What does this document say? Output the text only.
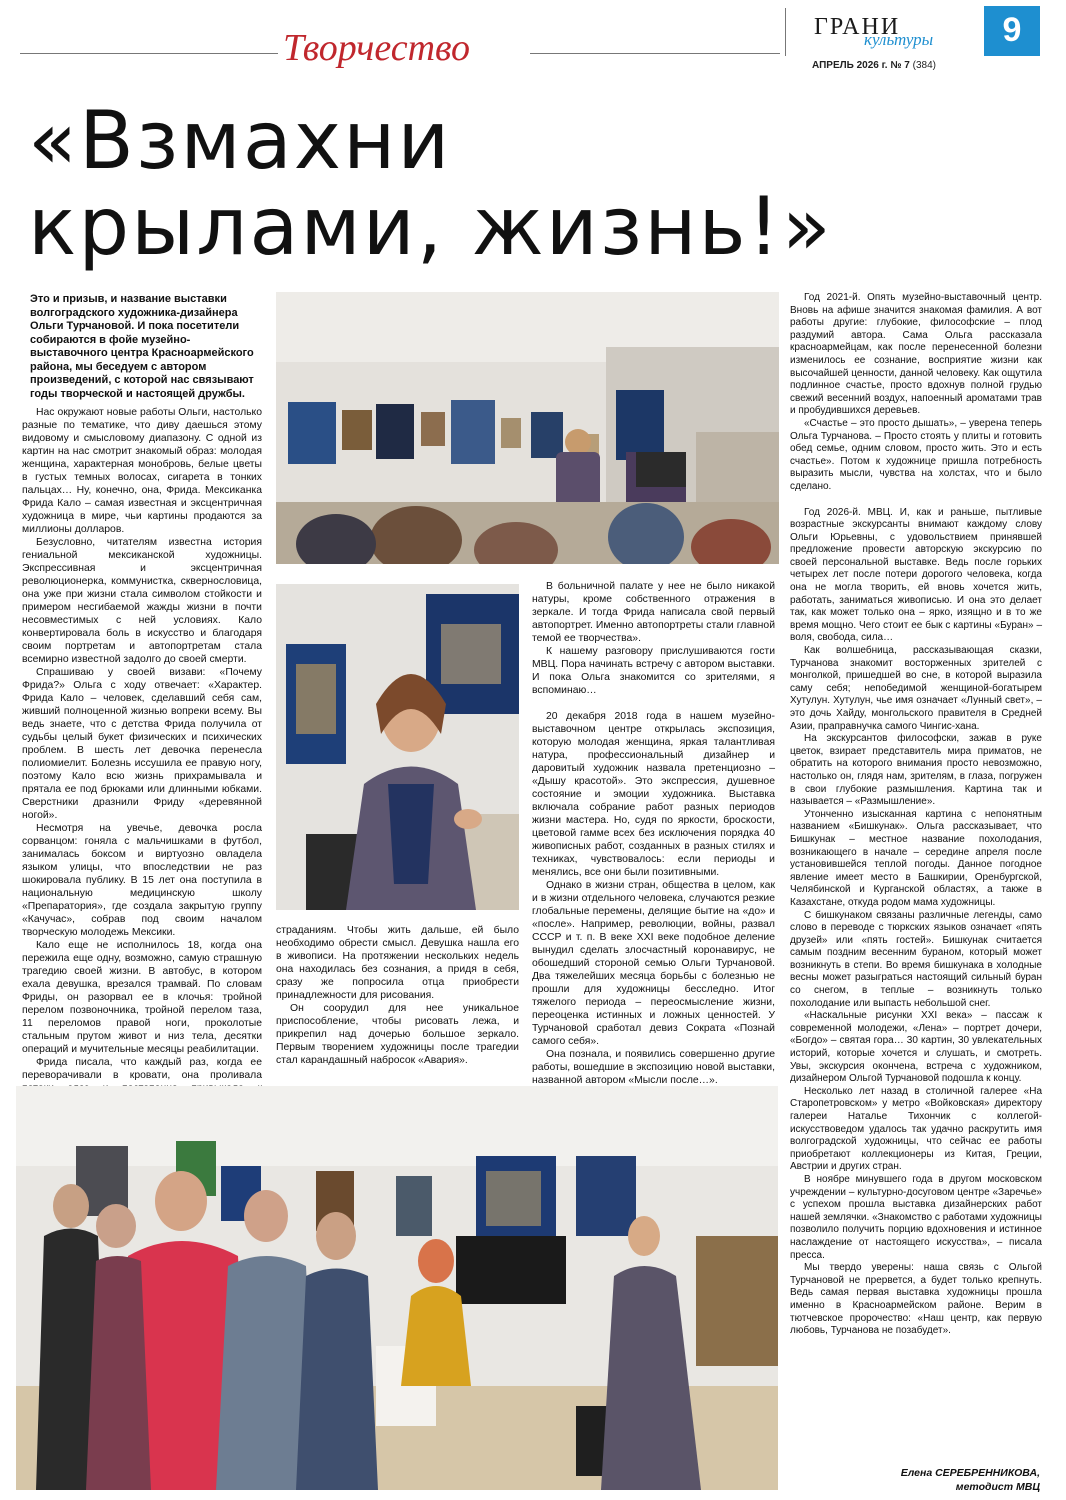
Творчество	ГРАНИ
культуры	9
АПРЕЛЬ 2026 г. № 7 (384)
«Взмахни
крылами, жизнь!»
Это и призыв, и название выставки волгоградского художника-дизайнера Ольги Турчановой. И пока посетители собираются в фойе музейно-выставочного центра Красноармейского района, мы беседуем с автором произведений, с которой нас связывают годы творческой и настоящей дружбы.

Нас окружают новые работы Ольги, настолько разные по тематике, что диву даешься этому видовому и смысловому диапазону. С одной из картин на нас смотрит знакомый образ: молодая женщина, характерная монобровь, белые цветы в густых темных волосах, сигарета в тонких пальцах… Ну, конечно, она, Фрида. Мексиканка Фрида Кало – самая известная и эксцентричная художница в мире, чьи картины продаются за миллионы долларов.

Безусловно, читателям известна история гениальной мексиканской художницы. Экспрессивная и эксцентричная революционерка, коммунистка, сквернословица, она уже при жизни стала символом стойкости и примером несгибаемой жажды жизни в почти несовместимых с ней условиях. Кало конвертировала боль в искусство и благодаря своим портретам и автопортретам стала всемирно известной задолго до своей смерти.

Спрашиваю у своей визави: «Почему Фрида?» Ольга с ходу отвечает: «Характер. Фрида Кало – человек, сделавший себя сам, живший полноценной жизнью вопреки всему. Вы ведь знаете, что с детства Фрида получила от судьбы целый букет физических и психических проблем. В шесть лет девочка перенесла полиомиелит. Болезнь иссушила ее правую ногу, поэтому Кало всю жизнь прихрамывала и прятала ее под брюками или длинными юбками. Сверстники дразнили Фриду «деревянной ногой».

Несмотря на увечье, девочка росла сорванцом: гоняла с мальчишками в футбол, занималась боксом и виртуозно овладела языком улицы, что впоследствии не раз шокировала публику. В 15 лет она поступила в национальную медицинскую школу «Препаратория», где создала закрытую группу «Качучас», собрав под своим началом творческую молодежь Мексики.

Кало еще не исполнилось 18, когда она пережила еще одну, возможно, самую страшную трагедию своей жизни. В автобус, в котором ехала девушка, врезался трамвай. По словам Фриды, он разорвал ее в клочья: тройной перелом позвоночника, тройной перелом таза, 11 переломов правой ноги, проколотые стальным прутом живот и низ тела, десятки операций и мучительные месяцы реабилитации.

Фрида писала, что каждый раз, когда ее переворачивали в кровати, она проливала

страданиям. Чтобы жить дальше, ей было необходимо обрести смысл. Девушка нашла его в живописи. На протяжении нескольких недель она находилась без сознания, а придя в себя, сразу же попросила отца приобрести принадлежности для рисования.

Он соорудил для нее уникальное приспособление, чтобы рисовать лежа, и прикрепил над дочерью большое зеркало. Первым творением художницы после трагедии стал карандашный набросок «Авария».

В больничной палате у нее не было никакой натуры, кроме собственного отражения в зеркале. И тогда Фрида написала свой первый автопортрет. Именно автопортреты стали главной темой ее творчества».

К нашему разговору прислушиваются гости МВЦ. Пора начинать встречу с автором выставки. И пока Ольга знакомится со зрителями, я вспоминаю…

20 декабря 2018 года в нашем музейно-выставочном центре открылась экспозиция, которую молодая женщина, яркая талантливая натура, профессиональный дизайнер и даровитый художник назвала претенциозно – «Дышу красотой». Это экспрессия, душевное состояние и эмоции художника. Выставка включала собрание работ разных периодов жизни мастера. Но, судя по яркости, броскости, цветовой гамме всех без исключения порядка 40 живописных работ, созданных в разных стилях и техниках, чувствовалось: если периоды и менялись, все они были позитивными.

Однако в жизни стран, общества в целом, как и в жизни отдельного человека, случаются резкие глобальные перемены, делящие бытие на «до» и «после». Например, революции, войны, развал СССР и т. п. В веке XXI веке подобное деление вынудил сделать злосчастный коронавирус, не обошедший стороной семью Ольги Турчановой. Два тяжелейших месяца борьбы с болезнью не прошли для художницы бесследно. Итог тяжелого периода – переосмысление жизни, переоценка истинных и ложных ценностей. У Турчановой сработал девиз Сократа «Познай самого себя».

Она познала, и появились совершенно другие работы, вошедшие в экспозицию новой выставки, названной автором «Мысли после…».

Год 2021-й. Опять музейно-выставочный центр. Вновь на афише значится знакомая фамилия. А вот работы другие: глубокие, философские – плод раздумий автора. Сама Ольга рассказала красноармейцам, как после перенесенной болезни изменилось ее сознание, восприятие жизни как высочайшей ценности, данной человеку. Как ощутила подлинное счастье, просто вдохнув полной грудью свежий весенний воздух, напоенный ароматами трав и пробудившихся деревьев.

«Счастье – это просто дышать», – уверена теперь Ольга Турчанова. – Просто стоять у плиты и готовить обед семье, одним словом, просто жить. Это и есть счастье». Потом к художнице пришла потребность выразить мысли, чувства на холстах, что и было сделано.

Год 2026-й. МВЦ. И, как и раньше, пытливые возрастные экскурсанты внимают каждому слову Ольги Юрьевны, с удовольствием принявшей предложение провести авторскую экскурсию по своей персональной выставке. Ведь после горьких четырех лет после потери дорогого человека, когда она не могла творить, ей вновь хочется жить, работать, заниматься живописью. И она это делает так, как может только она – ярко, изящно и в то же время мощно. Чего стоит ее бык с картины «Буран» – воля, свобода, сила…

Как волшебница, рассказывающая сказки, Турчанова знакомит восторженных зрителей с монголкой, пришедшей во сне, в которой выразила саму себя; непобедимой женщиной-богатырем Хутулун. Хутулун, чье имя означает «Лунный свет», – это дочь Хайду, монгольского правителя в Средней Азии, праправнучка самого Чингис-хана.

На экскурсантов философски, зажав в руке цветок, взирает представитель мира приматов, не обратить на которого внимания просто невозможно, настолько он, глядя нам, зрителям, в глаза, погружен в свои глубокие размышления. Картина так и называется – «Размышление».

Утонченно изысканная картина с непонятным названием «Бишкунак». Ольга рассказывает, что Бишкунак – местное название похолодания, возникающего в начале – середине апреля после установившейся теплой погоды. Данное погодное явление имеет место в Башкирии, Оренбургской, Челябинской и Курганской областях, а также в Казахстане, откуда родом мама художницы.

С бишкунаком связаны различные легенды, само слово в переводе с тюркских языков означает «пять друзей» или «пять гостей». Бишкунак считается самым поздним весенним бураном, который может возникнуть в степи. Во время бишкунака в холодные весны может разыграться настоящий сильный буран со снегом, в теплые – возникнуть только похолодание или выпасть небольшой снег.

«Наскальные рисунки XXI века» – пассаж к современной молодежи, «Лена» – портрет дочери, «Богдо» – святая гора… 30 картин, 30 увлекательных историй, которые хочется и слушать, и смотреть. Увы, экскурсия окончена, встреча с художником, дизайнером Ольгой Турчановой подошла к концу.

Несколько лет назад в столичной галерее «На Старопетровском» у метро «Войковская» директору галереи Наталье Тихончик с коллегой-искусствоведом удалось так удачно раскрутить имя волгоградской художницы, что сейчас ее работы приобретают коллекционеры из Китая, Греции, Австрии и других стран.

В ноябре минувшего года в другом московском учреждении – культурно-досуговом центре «Заречье» с успехом прошла выставка дизайнерских работ нашей землячки. «Знакомство с работами художницы позволило получить порцию вдохновения и истинное наслаждение от настоящего искусства», – писала пресса.

Мы твердо уверены: наша связь с Ольгой Турчановой не прервется, а будет только крепнуть. Ведь самая первая выставка художницы прошла именно в Красноармейском районе. Верим в тютчевское пророчество: «Наш центр, как первую любовь, Турчанова не позабудет».

Елена СЕРЕБРЕННИКОВА,
методист МВЦ
